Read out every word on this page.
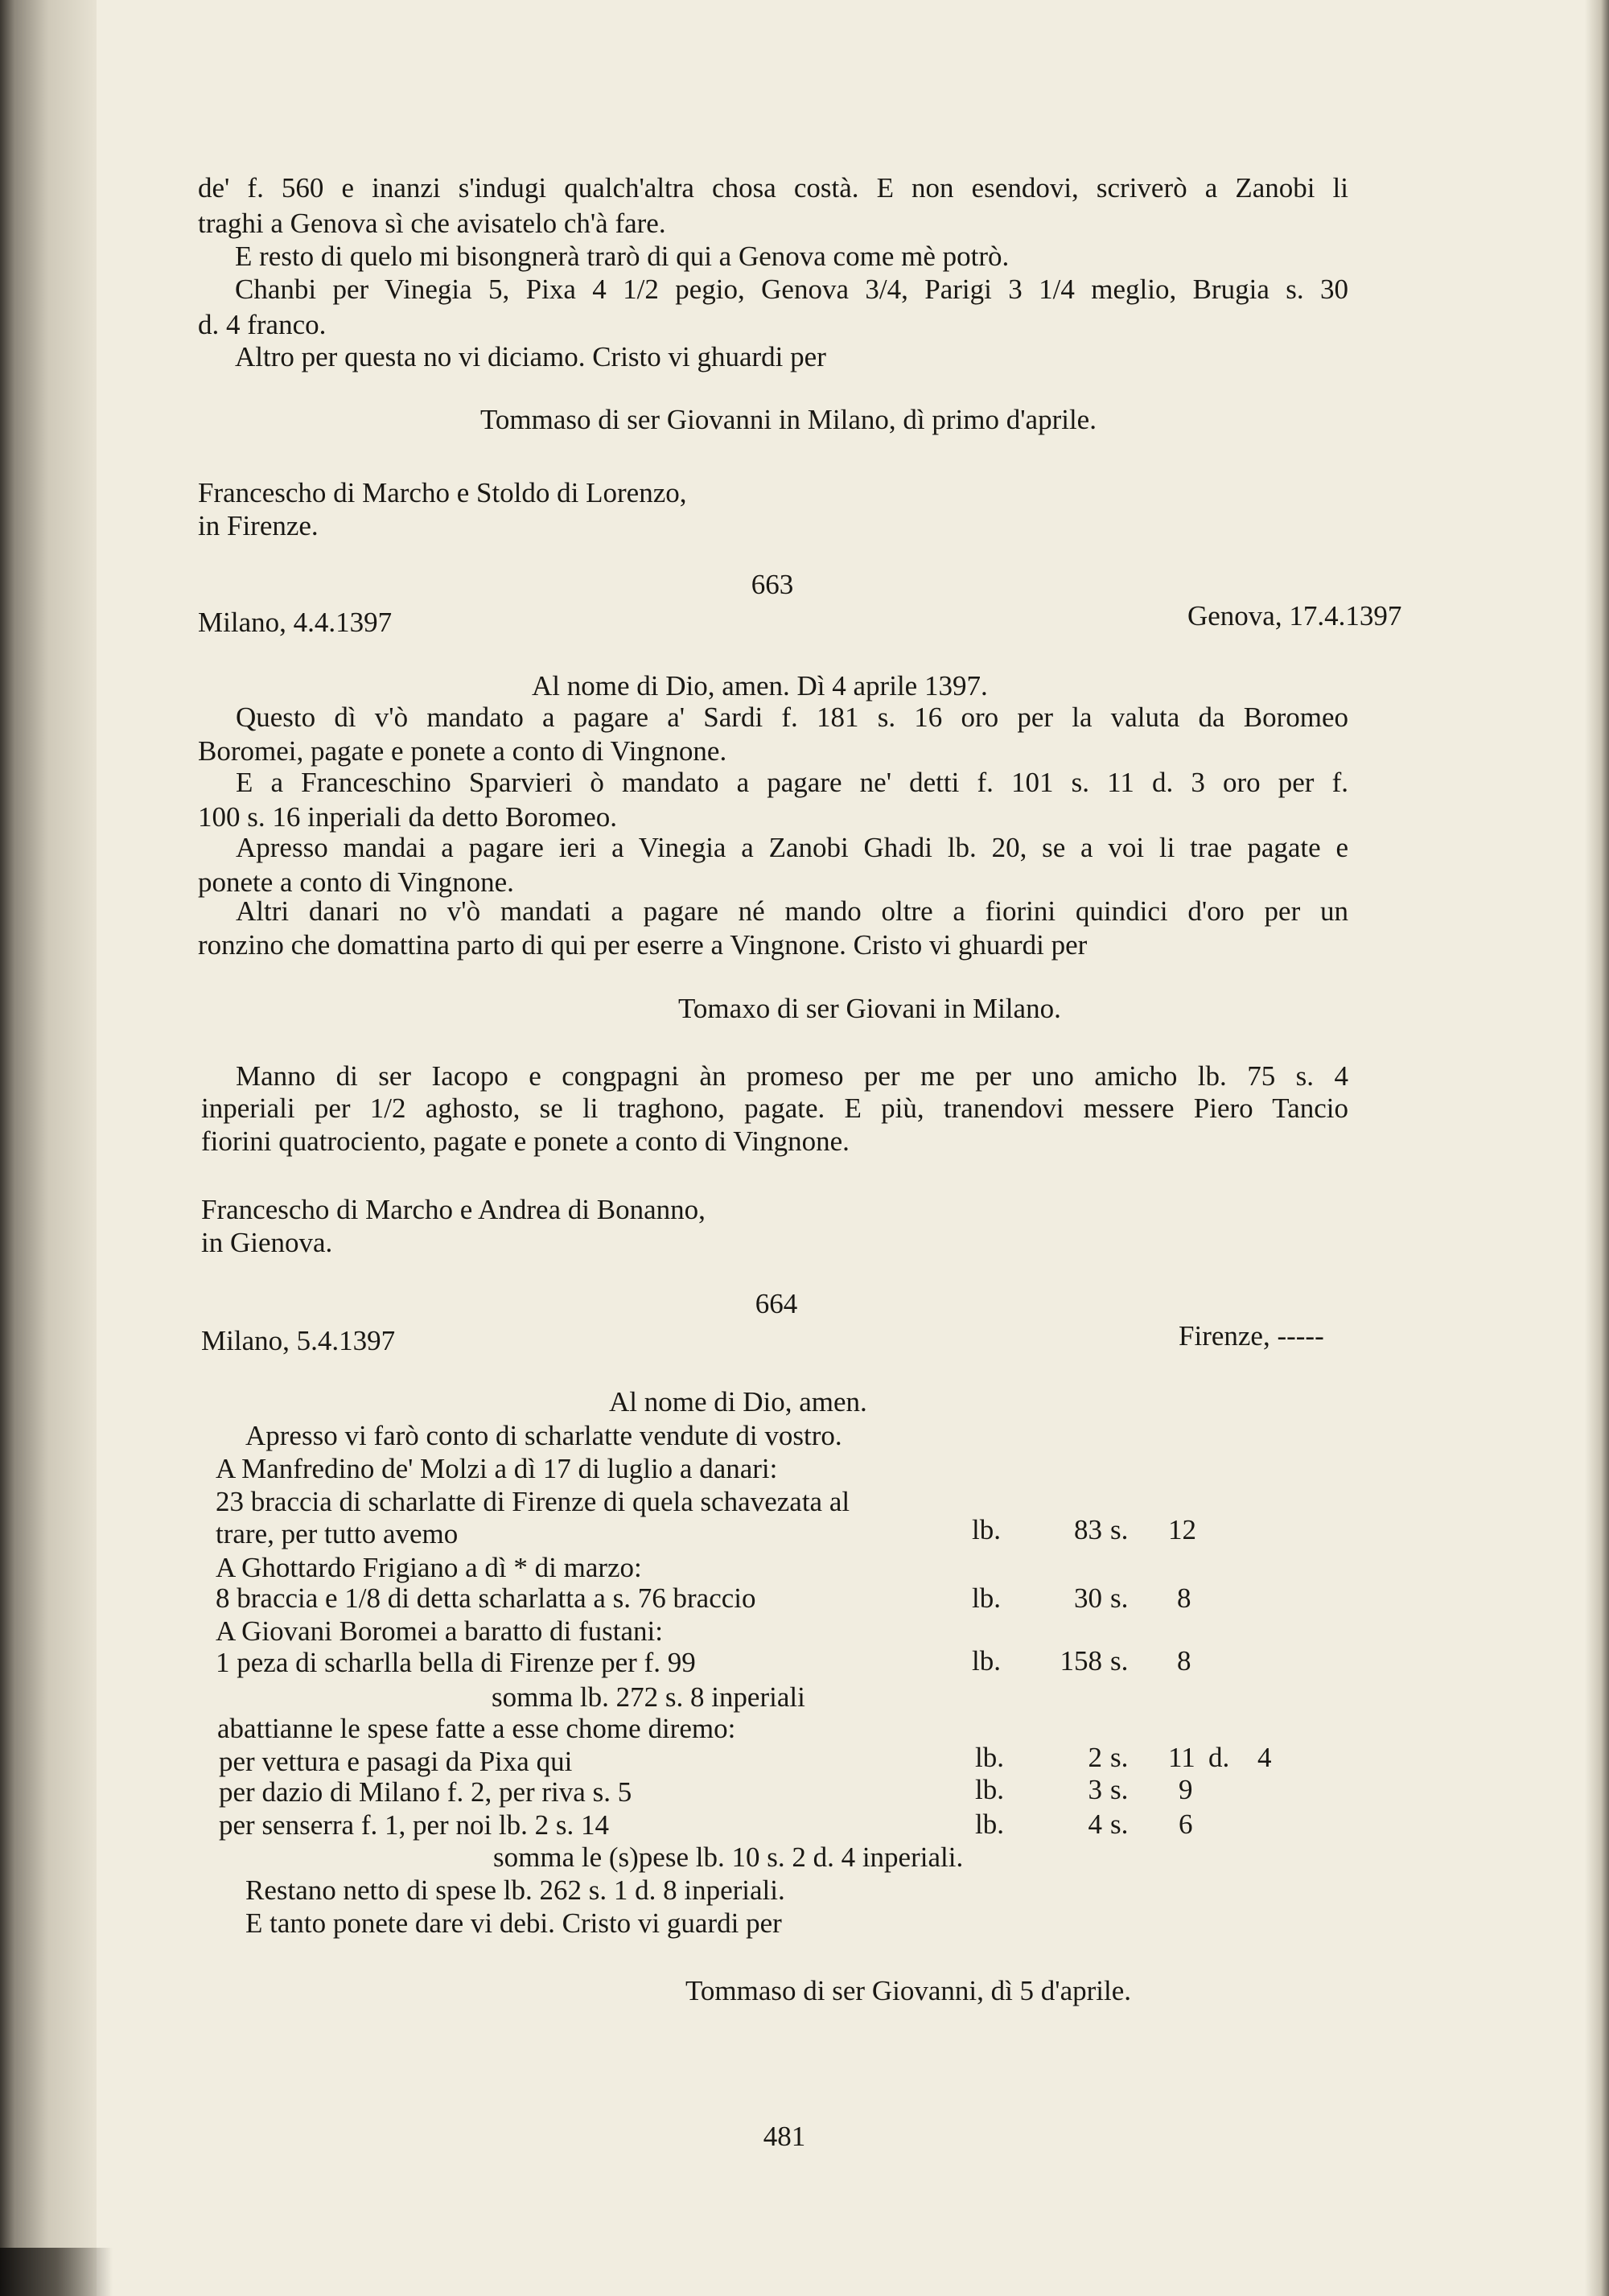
de' f. 560 e inanzi s'indugi qualch'altra chosa costà. E non esendovi, scriverò a Zanobi li
traghi a Genova sì che avisatelo ch'à fare.
E resto di quelo mi bisongnerà trarò di qui a Genova come mè potrò.
Chanbi per Vinegia 5, Pixa 4 1/2 pegio, Genova 3/4, Parigi 3 1/4 meglio, Brugia s. 30
d. 4 franco.
Altro per questa no vi diciamo. Cristo vi ghuardi per
Tommaso di ser Giovanni in Milano, dì primo d'aprile.
Francescho di Marcho e Stoldo di Lorenzo,
in Firenze.
663
Milano, 4.4.1397	Genova, 17.4.1397
Al nome di Dio, amen. Dì 4 aprile 1397.
Questo dì v'ò mandato a pagare a' Sardi f. 181 s. 16 oro per la valuta da Boromeo
Boromei, pagate e ponete a conto di Vingnone.
E a Franceschino Sparvieri ò mandato a pagare ne' detti f. 101 s. 11 d. 3 oro per f.
100 s. 16 inperiali da detto Boromeo.
Apresso mandai a pagare ieri a Vinegia a Zanobi Ghadi lb. 20, se a voi li trae pagate e
ponete a conto di Vingnone.
Altri danari no v'ò mandati a pagare né mando oltre a fiorini quindici d'oro per un
ronzino che domattina parto di qui per eserre a Vingnone. Cristo vi ghuardi per
Tomaxo di ser Giovani in Milano.
Manno di ser Iacopo e congpagni àn promeso per me per uno amicho lb. 75 s. 4
inperiali per 1/2 aghosto, se li traghono, pagate. E più, tranendovi messere Piero Tancio
fiorini quatrociento, pagate e ponete a conto di Vingnone.
Francescho di Marcho e Andrea di Bonanno,
in Gienova.
664
Milano, 5.4.1397	Firenze, -----
Al nome di Dio, amen.
Apresso vi farò conto di scharlatte vendute di vostro.
A Manfredino de' Molzi a dì 17 di luglio a danari:
23 braccia di scharlatte di Firenze di quela schavezata al
trare, per tutto avemo	lb.	83 s. 12
A Ghottardo Frigiano a dì * di marzo:
8 braccia e 1/8 di detta scharlatta a s. 76 braccio	lb.	30 s. 8
A Giovani Boromei a baratto di fustani:
1 peza di scharlla bella di Firenze per f. 99	lb.	158 s. 8
somma lb. 272 s. 8 inperiali
abattianne le spese fatte a esse chome diremo:
per vettura e pasagi da Pixa qui	lb.	2 s. 11 d. 4
per dazio di Milano f. 2, per riva s. 5	lb.	3 s. 9
per senserra f. 1, per noi lb. 2 s. 14	lb.	4 s. 6
somma le (s)pese lb. 10 s. 2 d. 4 inperiali.
Restano netto di spese lb. 262 s. 1 d. 8 inperiali.
E tanto ponete dare vi debi. Cristo vi guardi per
Tommaso di ser Giovanni, dì 5 d'aprile.
481
